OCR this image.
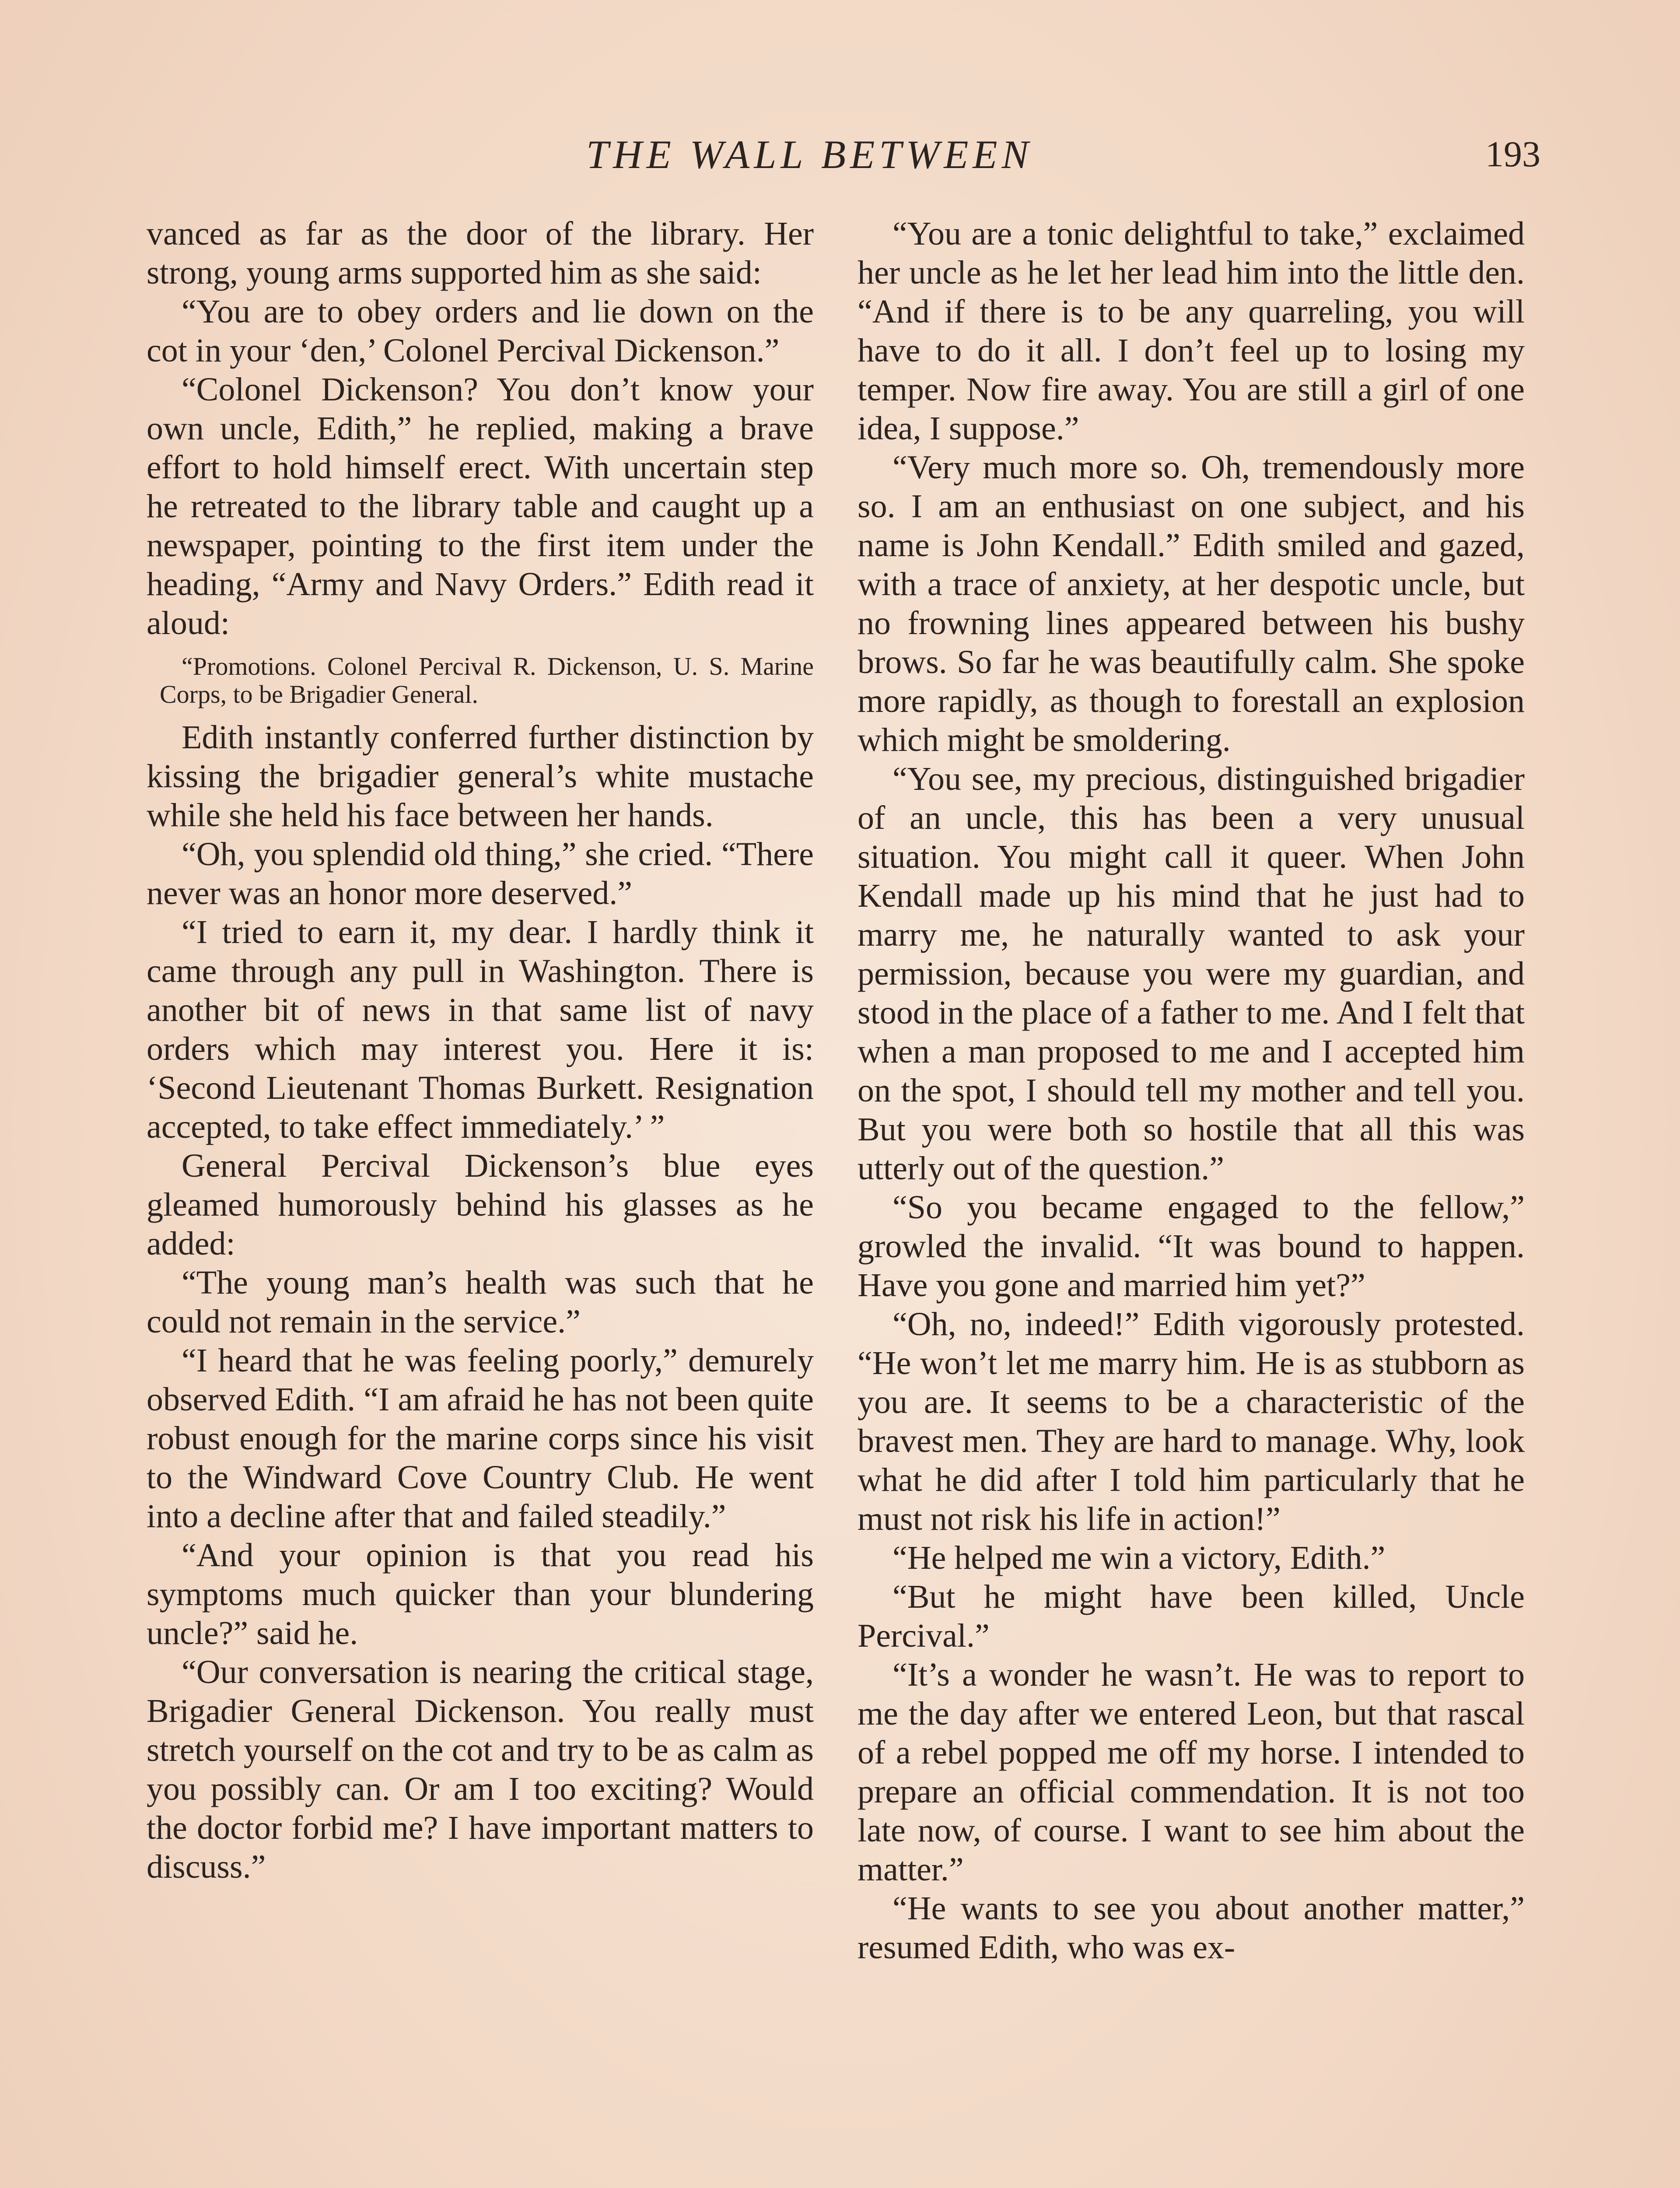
THE WALL BETWEEN	193

vanced as far as the door of the library. Her strong, young arms supported him as she said:

“You are to obey orders and lie down on the cot in your ‘den,’ Colonel Percival Dickenson.”

“Colonel Dickenson? You don’t know your own uncle, Edith,” he replied, making a brave effort to hold himself erect. With uncertain step he retreated to the library table and caught up a newspaper, pointing to the first item under the heading, “Army and Navy Orders.” Edith read it aloud:

“Promotions. Colonel Percival R. Dickenson, U. S. Marine Corps, to be Brigadier General.

Edith instantly conferred further distinction by kissing the brigadier general’s white mustache while she held his face between her hands.

“Oh, you splendid old thing,” she cried. “There never was an honor more deserved.”

“I tried to earn it, my dear. I hardly think it came through any pull in Washington. There is another bit of news in that same list of navy orders which may interest you. Here it is: ‘Second Lieutenant Thomas Burkett. Resignation accepted, to take effect immediately.’ ”

General Percival Dickenson’s blue eyes gleamed humorously behind his glasses as he added:

“The young man’s health was such that he could not remain in the service.”

“I heard that he was feeling poorly,” demurely observed Edith. “I am afraid he has not been quite robust enough for the marine corps since his visit to the Windward Cove Country Club. He went into a decline after that and failed steadily.”

“And your opinion is that you read his symptoms much quicker than your blundering uncle?” said he.

“Our conversation is nearing the critical stage, Brigadier General Dickenson. You really must stretch yourself on the cot and try to be as calm as you possibly can. Or am I too exciting? Would the doctor forbid me? I have important matters to discuss.”

“You are a tonic delightful to take,” exclaimed her uncle as he let her lead him into the little den. “And if there is to be any quarreling, you will have to do it all. I don’t feel up to losing my temper. Now fire away. You are still a girl of one idea, I suppose.”

“Very much more so. Oh, tremendously more so. I am an enthusiast on one subject, and his name is John Kendall.” Edith smiled and gazed, with a trace of anxiety, at her despotic uncle, but no frowning lines appeared between his bushy brows. So far he was beautifully calm. She spoke more rapidly, as though to forestall an explosion which might be smoldering.

“You see, my precious, distinguished brigadier of an uncle, this has been a very unusual situation. You might call it queer. When John Kendall made up his mind that he just had to marry me, he naturally wanted to ask your permission, because you were my guardian, and stood in the place of a father to me. And I felt that when a man proposed to me and I accepted him on the spot, I should tell my mother and tell you. But you were both so hostile that all this was utterly out of the question.”

“So you became engaged to the fellow,” growled the invalid. “It was bound to happen. Have you gone and married him yet?”

“Oh, no, indeed!” Edith vigorously protested. “He won’t let me marry him. He is as stubborn as you are. It seems to be a characteristic of the bravest men. They are hard to manage. Why, look what he did after I told him particularly that he must not risk his life in action!”

“He helped me win a victory, Edith.”

“But he might have been killed, Uncle Percival.”

“It’s a wonder he wasn’t. He was to report to me the day after we entered Leon, but that rascal of a rebel popped me off my horse. I intended to prepare an official commendation. It is not too late now, of course. I want to see him about the matter.”

“He wants to see you about another matter,” resumed Edith, who was ex-
